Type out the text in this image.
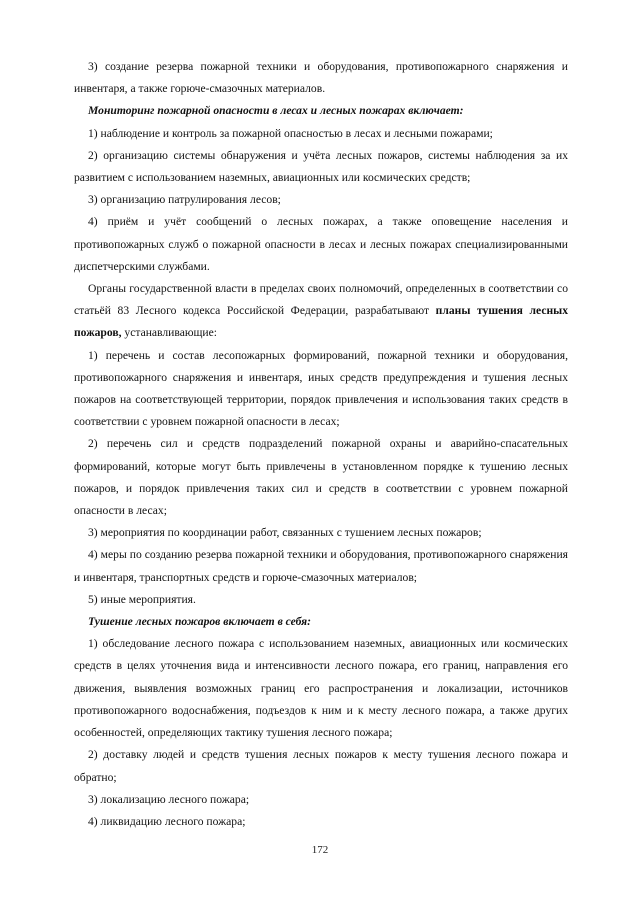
3) создание резерва пожарной техники и оборудования, противопожарного снаряжения и инвентаря, а также горюче-смазочных материалов.

Мониторинг пожарной опасности в лесах и лесных пожарах включает:

1) наблюдение и контроль за пожарной опасностью в лесах и лесными пожарами;

2) организацию системы обнаружения и учёта лесных пожаров, системы наблюдения за их развитием с использованием наземных, авиационных или космических средств;

3) организацию патрулирования лесов;

4) приём и учёт сообщений о лесных пожарах, а также оповещение населения и противопожарных служб о пожарной опасности в лесах и лесных пожарах специализированными диспетчерскими службами.

Органы государственной власти в пределах своих полномочий, определенных в соответствии со статьёй 83 Лесного кодекса Российской Федерации, разрабатывают планы тушения лесных пожаров, устанавливающие:

1) перечень и состав лесопожарных формирований, пожарной техники и оборудования, противопожарного снаряжения и инвентаря, иных средств предупреждения и тушения лесных пожаров на соответствующей территории, порядок привлечения и использования таких средств в соответствии с уровнем пожарной опасности в лесах;

2) перечень сил и средств подразделений пожарной охраны и аварийно-спасательных формирований, которые могут быть привлечены в установленном порядке к тушению лесных пожаров, и порядок привлечения таких сил и средств в соответствии с уровнем пожарной опасности в лесах;

3) мероприятия по координации работ, связанных с тушением лесных пожаров;

4) меры по созданию резерва пожарной техники и оборудования, противопожарного снаряжения и инвентаря, транспортных средств и горюче-смазочных материалов;

5) иные мероприятия.

Тушение лесных пожаров включает в себя:

1) обследование лесного пожара с использованием наземных, авиационных или космических средств в целях уточнения вида и интенсивности лесного пожара, его границ, направления его движения, выявления возможных границ его распространения и локализации, источников противопожарного водоснабжения, подъездов к ним и к месту лесного пожара, а также других особенностей, определяющих тактику тушения лесного пожара;

2) доставку людей и средств тушения лесных пожаров к месту тушения лесного пожара и обратно;

3) локализацию лесного пожара;

4) ликвидацию лесного пожара;

172
